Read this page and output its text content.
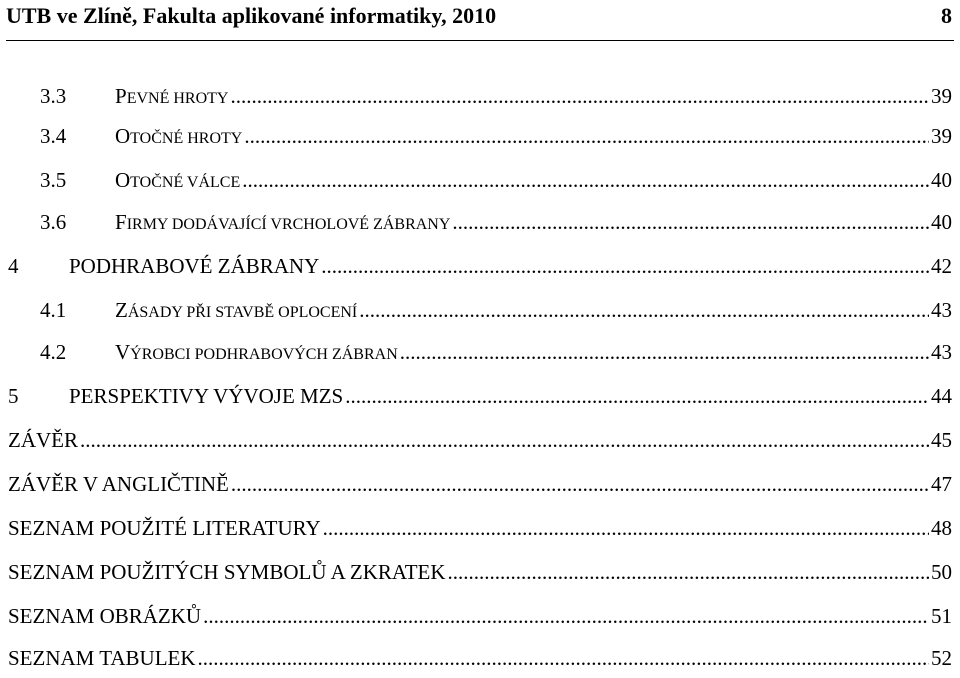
UTB ve Zlíně, Fakulta aplikované informatiky, 2010	8
3.3	PEVNÉ HROTY .....	39
3.4	OTOČNÉ HROTY .....	39
3.5	OTOČNÉ VÁLCE .....	40
3.6	FIRMY DODÁVAJÍCÍ VRCHOLOVÉ ZÁBRANY .....	40
4	PODHRABOVÉ ZÁBRANY .....	42
4.1	ZÁSADY PŘI STAVBĚ OPLOCENÍ .....	43
4.2	VÝROBCI PODHRABOVÝCH ZÁBRAN .....	43
5	PERSPEKTIVY VÝVOJE MZS .....	44
ZÁVĚR .....	45
ZÁVĚR V ANGLIČTINĚ .....	47
SEZNAM POUŽITÉ LITERATURY .....	48
SEZNAM POUŽITÝCH SYMBOLŮ A ZKRATEK .....	50
SEZNAM OBRÁZKŮ .....	51
SEZNAM TABULEK .....	52
